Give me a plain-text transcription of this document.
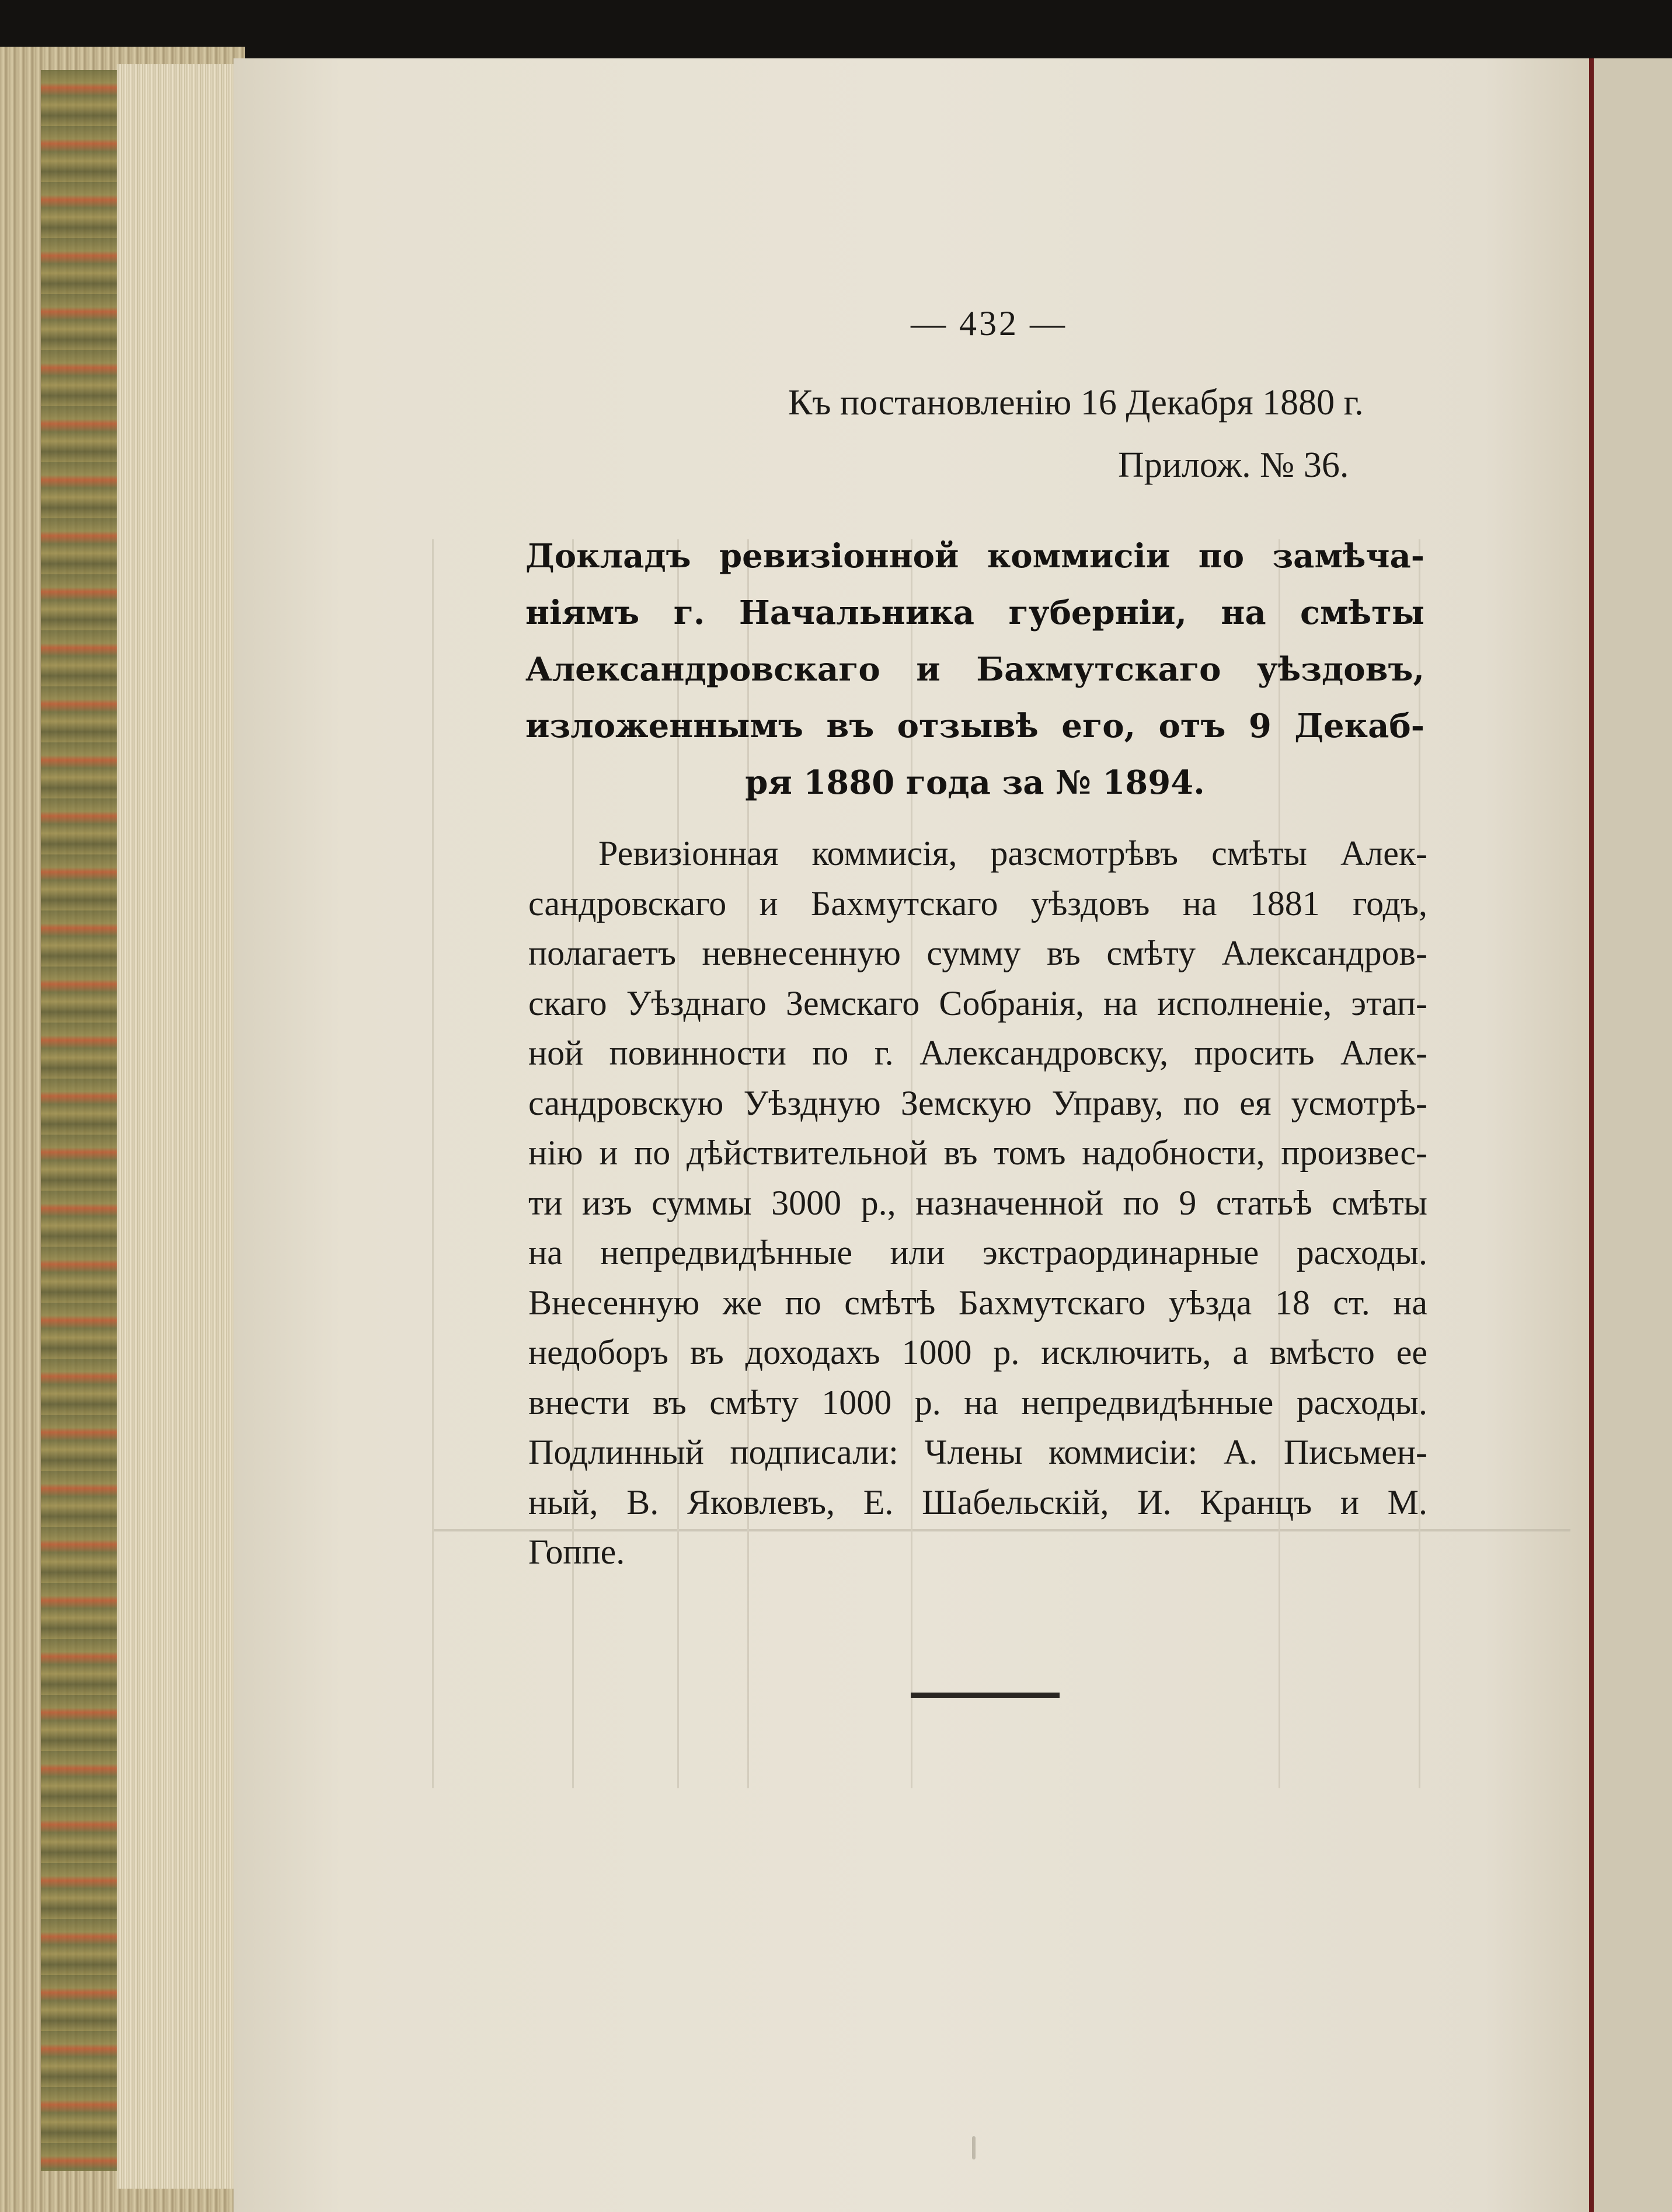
— 432 —
Къ постановленію 16 Декабря 1880 г.
Прилож. № 36.
Докладъ ревизіонной коммисіи по замѣча-
ніямъ г. Начальника губерніи, на смѣты
Александровскаго и Бахмутскаго уѣздовъ,
изложеннымъ въ отзывѣ его, отъ 9 Декаб-
ря 1880 года за № 1894.
Ревизіонная коммисія, разсмотрѣвъ смѣты Алек-
сандровскаго и Бахмутскаго уѣздовъ на 1881 годъ,
полагаетъ невнесенную сумму въ смѣту Александров-
скаго Уѣзднаго Земскаго Собранія, на исполненіе, этап-
ной повинности по г. Александровску, просить Алек-
сандровскую Уѣздную Земскую Управу, по ея усмотрѣ-
нію и по дѣйствительной въ томъ надобности, произвес-
ти изъ суммы 3000 р., назначенной по 9 статьѣ смѣты
на непредвидѣнные или экстраординарные расходы.
Внесенную же по смѣтѣ Бахмутскаго уѣзда 18 ст. на
недоборъ въ доходахъ 1000 р. исключить, а вмѣсто ее
внести въ смѣту 1000 р. на непредвидѣнные расходы.
Подлинный подписали: Члены коммисіи: А. Письмен-
ный, В. Яковлевъ, Е. Шабельскій, И. Кранцъ и М.
Гоппе.
